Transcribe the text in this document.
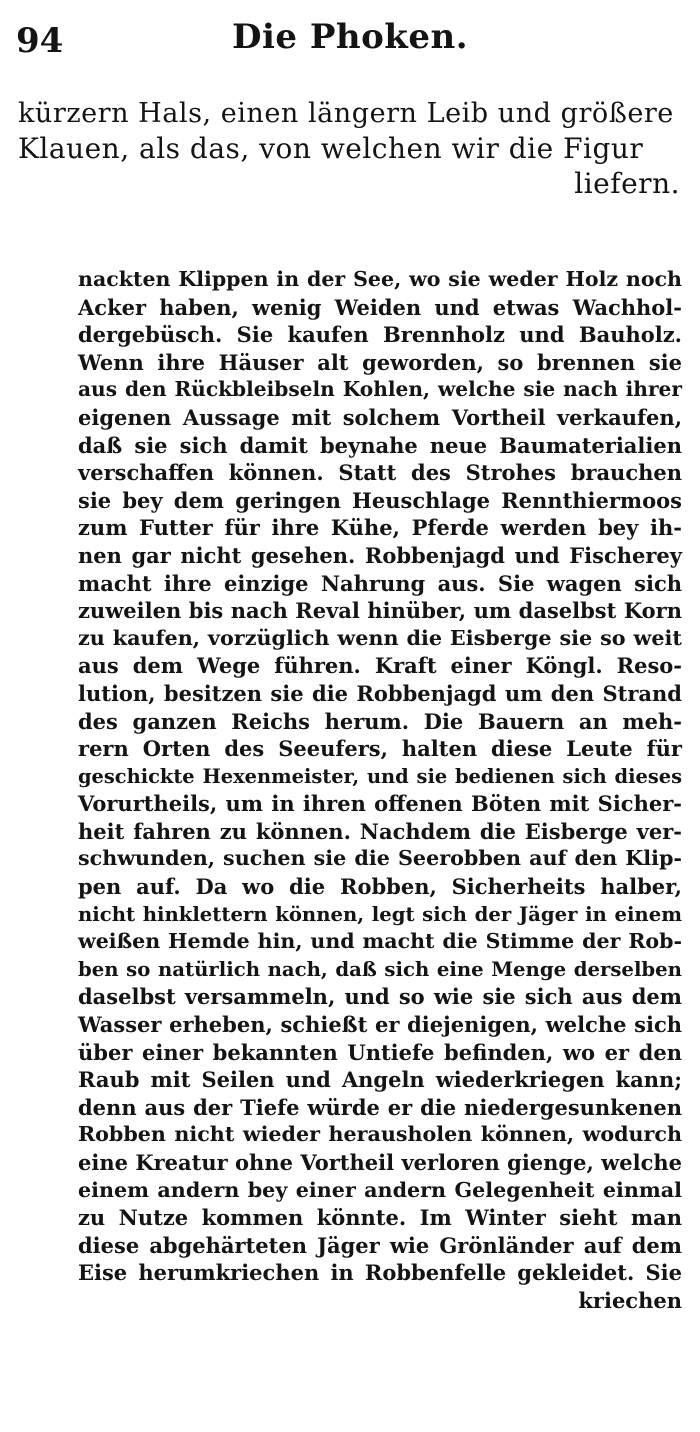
94	Die Phoken.
kürzern Hals, einen längern Leib und größere
Klauen, als das, von welchen wir die Figur
liefern.
nackten Klippen in der See, wo sie weder Holz noch
Acker haben, wenig Weiden und etwas Wachhol-
dergebüsch. Sie kaufen Brennholz und Bauholz.
Wenn ihre Häuser alt geworden, so brennen sie
aus den Rückbleibseln Kohlen, welche sie nach ihrer
eigenen Aussage mit solchem Vortheil verkaufen,
daß sie sich damit beynahe neue Baumaterialien
verschaffen können. Statt des Strohes brauchen
sie bey dem geringen Heuschlage Rennthiermoos
zum Futter für ihre Kühe, Pferde werden bey ih-
nen gar nicht gesehen. Robbenjagd und Fischerey
macht ihre einzige Nahrung aus. Sie wagen sich
zuweilen bis nach Reval hinüber, um daselbst Korn
zu kaufen, vorzüglich wenn die Eisberge sie so weit
aus dem Wege führen. Kraft einer Köngl. Reso-
lution, besitzen sie die Robbenjagd um den Strand
des ganzen Reichs herum. Die Bauern an meh-
rern Orten des Seeufers, halten diese Leute für
geschickte Hexenmeister, und sie bedienen sich dieses
Vorurtheils, um in ihren offenen Böten mit Sicher-
heit fahren zu können. Nachdem die Eisberge ver-
schwunden, suchen sie die Seerobben auf den Klip-
pen auf. Da wo die Robben, Sicherheits halber,
nicht hinklettern können, legt sich der Jäger in einem
weißen Hemde hin, und macht die Stimme der Rob-
ben so natürlich nach, daß sich eine Menge derselben
daselbst versammeln, und so wie sie sich aus dem
Wasser erheben, schießt er diejenigen, welche sich
über einer bekannten Untiefe befinden, wo er den
Raub mit Seilen und Angeln wiederkriegen kann;
denn aus der Tiefe würde er die niedergesunkenen
Robben nicht wieder herausholen können, wodurch
eine Kreatur ohne Vortheil verloren gienge, welche
einem andern bey einer andern Gelegenheit einmal
zu Nutze kommen könnte. Im Winter sieht man
diese abgehärteten Jäger wie Grönländer auf dem
Eise herumkriechen in Robbenfelle gekleidet. Sie
kriechen
